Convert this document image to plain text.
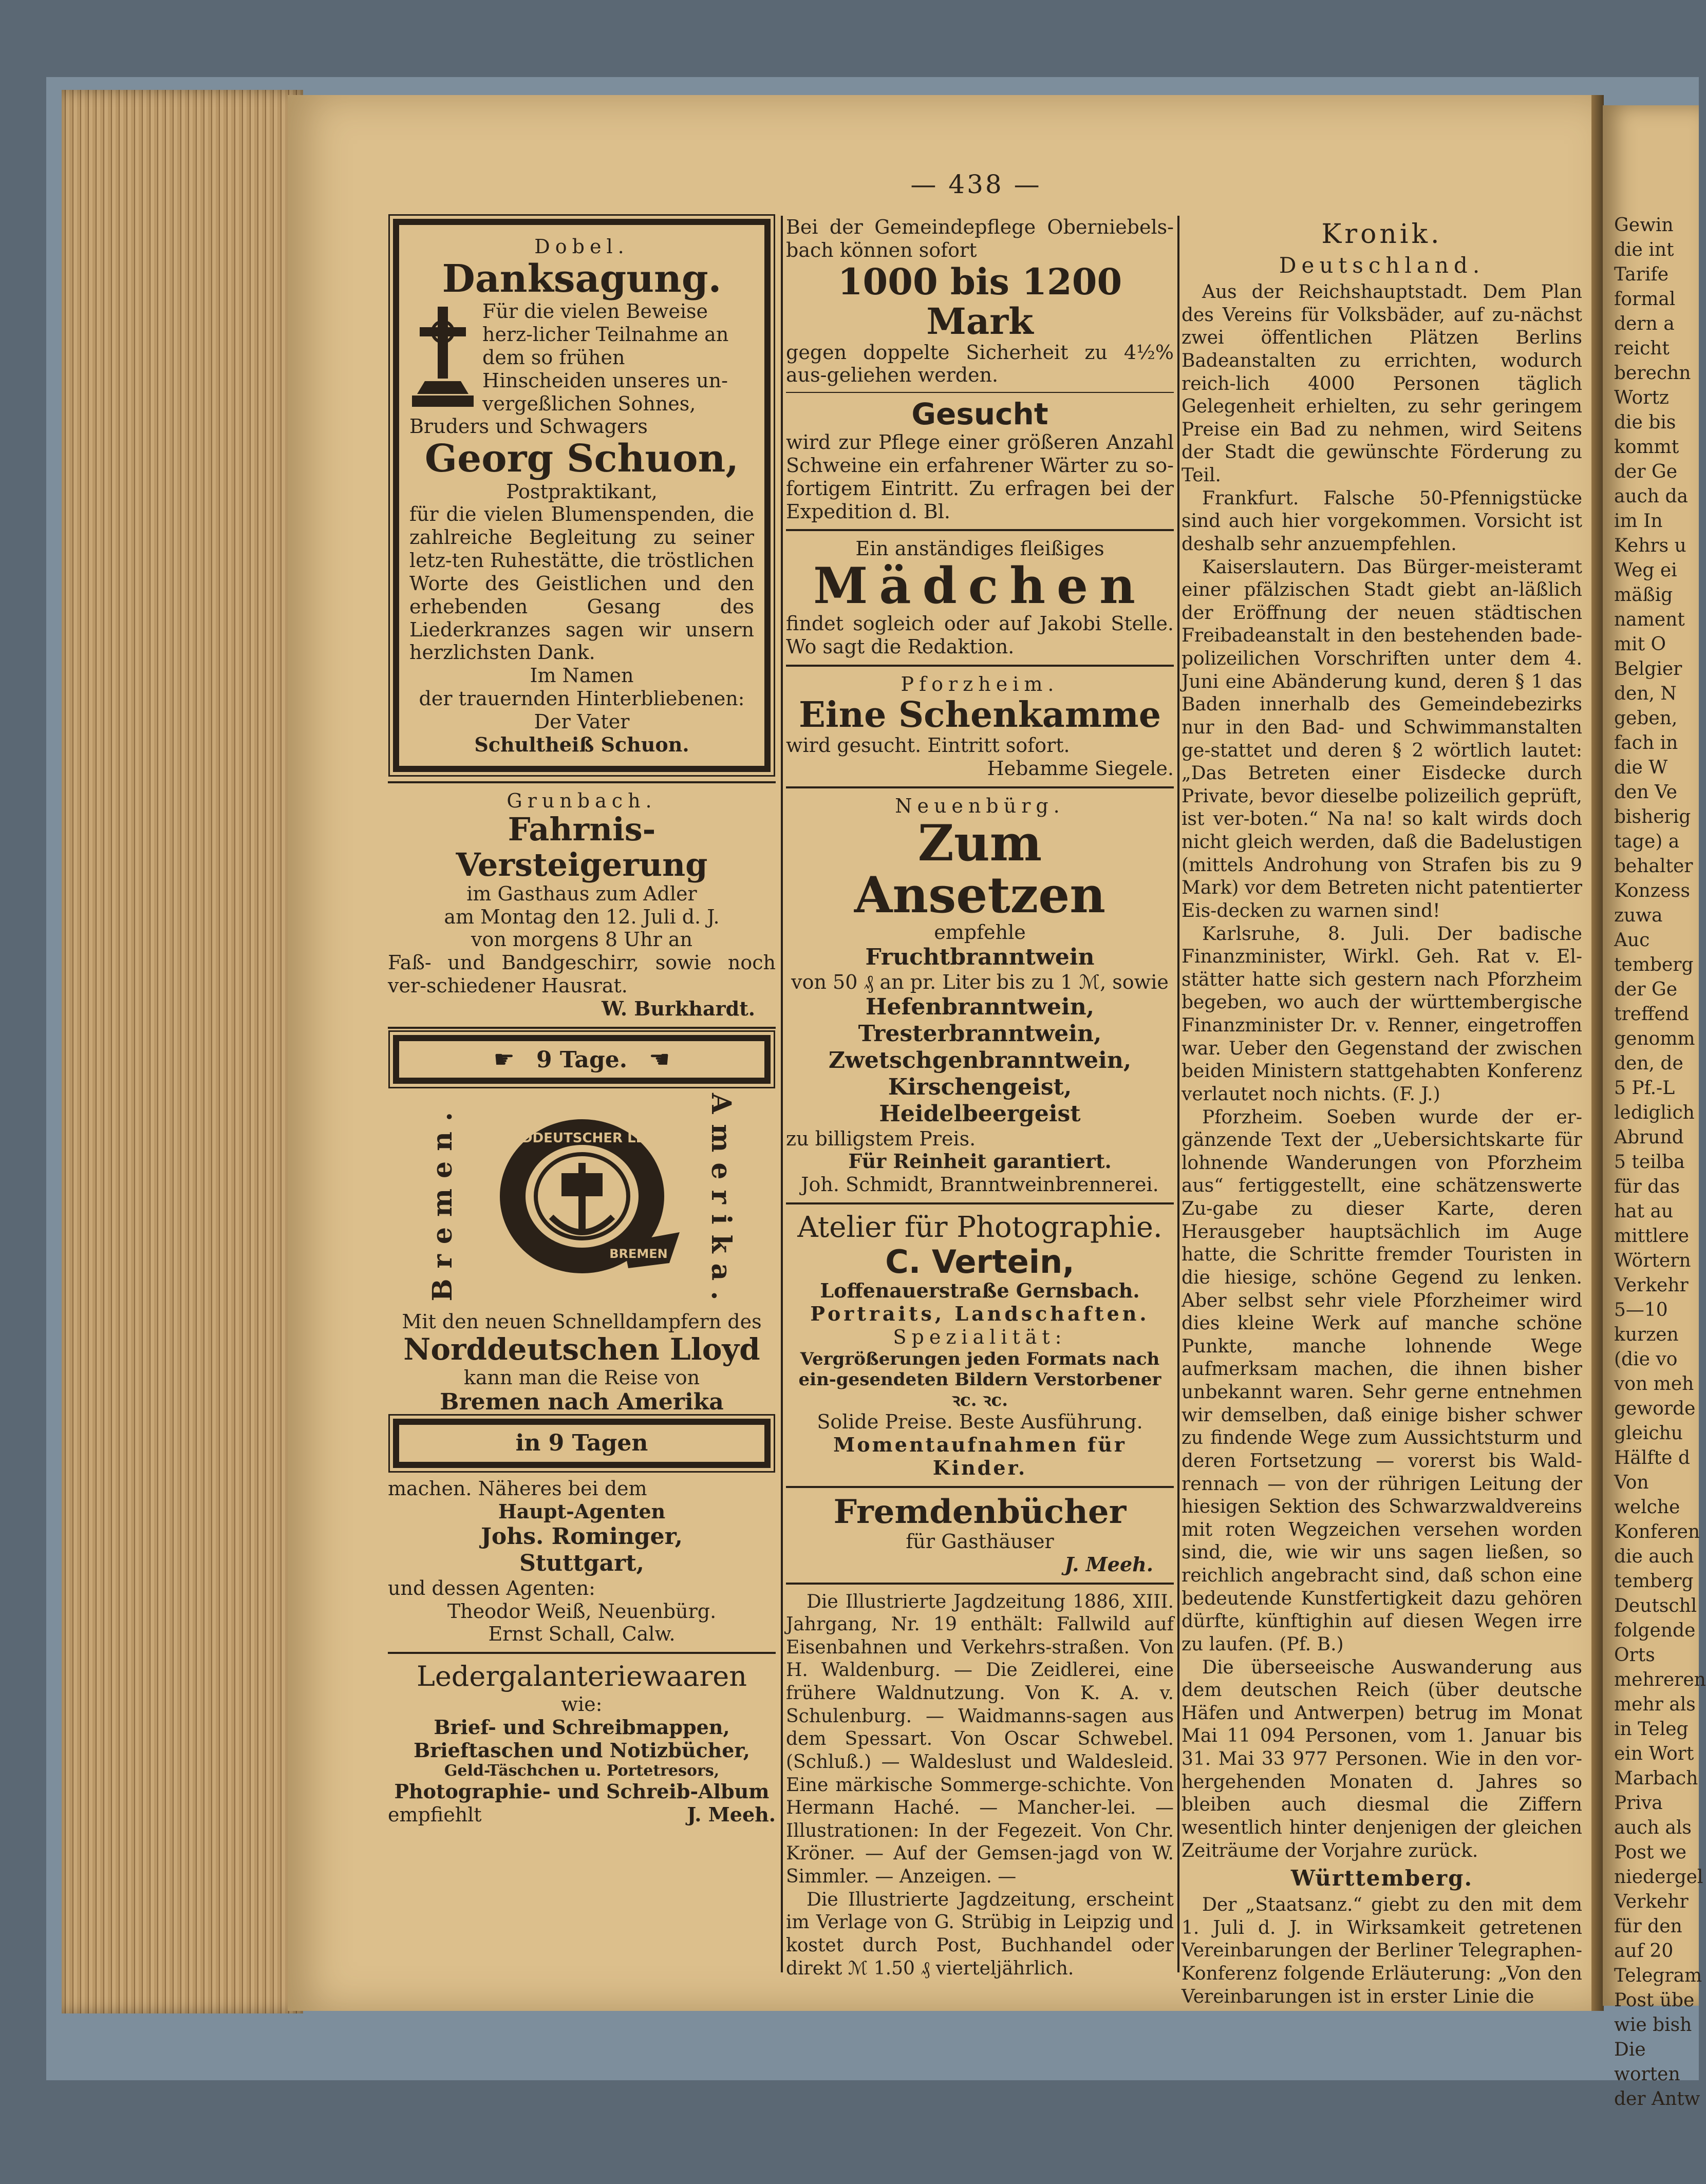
Gewin

die int

Tarife

formal

dern a

reicht

berechn

Wortz

die bis

kommt

der Ge

auch da

im In

Kehrs u

Weg ei

mäßig

nament

mit O

Belgier

den, N

geben,

fach in

die W

den Ve

bisherig

tage) a

behalter

Konzess

zuwa

Auc

temberg

der Ge

treffend

genomm

den, de

5 Pf.-L

lediglich

Abrund

5 teilba

für das

hat au

mittlere

Wörtern

Verkehr

5—10

kurzen

(die vo

von meh

geworde

gleichu

Hälfte d

Von

welche

Konferen

die auch

temberg

Deutschl

folgende

Orts

mehreren

mehr als

in Teleg

ein Wort

Marbach

Priva

auch als

Post we

niedergel

Verkehr

für den

auf 20

Telegram

Post übe

wie bish

Die

worten

der Antw

— 438 —
Dobel.
Danksagung.
Für die vielen Beweise herz-licher Teilnahme an dem so frühen Hinscheiden unseres un-vergeßlichen Sohnes, Bruders und Schwagers
Georg Schuon,
Postpraktikant,
für die vielen Blumenspenden, die zahlreiche Begleitung zu seiner letz-ten Ruhestätte, die tröstlichen Worte des Geistlichen und den erhebenden Gesang des Liederkranzes sagen wir unsern herzlichsten Dank.
Im Namen
der trauernden Hinterbliebenen:
Der Vater
Schultheiß Schuon.
Grunbach.
Fahrnis-Versteigerung
im Gasthaus zum Adler
am Montag den 12. Juli d. J.
von morgens 8 Uhr an
Faß- und Bandgeschirr, sowie noch ver-schiedener Hausrat.
W. Burkhardt.
☛ 9 Tage. ☛
Bremen. NORDDEUTSCHER LLOYD
BREMEN Amerika.
Mit den neuen Schnelldampfern des
Norddeutschen Lloyd
kann man die Reise von
Bremen nach Amerika
in 9 Tagen
machen. Näheres bei dem
Haupt-Agenten
Johs. Rominger,
Stuttgart,
und dessen Agenten:
Theodor Weiß, Neuenbürg.
Ernst Schall, Calw.
Ledergalanteriewaaren
wie:
Brief- und Schreibmappen,
Brieftaschen und Notizbücher,
Geld-Täschchen u. Portetresors,
Photographie- und Schreib-Album
empfiehlt	J. Meeh.
Bei der Gemeindepflege Oberniebels-bach können sofort
1000 bis 1200 Mark
gegen doppelte Sicherheit zu 4½% aus-geliehen werden.
Gesucht
wird zur Pflege einer größeren Anzahl Schweine ein erfahrener Wärter zu so-fortigem Eintritt. Zu erfragen bei der Expedition d. Bl.
Ein anständiges fleißiges
Mädchen
findet sogleich oder auf Jakobi Stelle. Wo sagt die Redaktion.
Pforzheim.
Eine Schenkamme
wird gesucht. Eintritt sofort.
Hebamme Siegele.
Neuenbürg.
Zum Ansetzen
empfehle
Fruchtbranntwein
von 50 ₰ an pr. Liter bis zu 1 ℳ, sowie
Hefenbranntwein,
Tresterbranntwein,
Zwetschgenbranntwein,
Kirschengeist,
Heidelbeergeist
zu billigstem Preis.
Für Reinheit garantiert.
Joh. Schmidt, Branntweinbrennerei.
Atelier für Photographie.
C. Vertein,
Loffenauerstraße Gernsbach.
Portraits, Landschaften.
Spezialität:
Vergrößerungen jeden Formats nach ein-gesendeten Bildern Verstorbener ꝛc. ꝛc.
Solide Preise. Beste Ausführung.
Momentaufnahmen für Kinder.
Fremdenbücher
für Gasthäuser
J. Meeh.

Die Illustrierte Jagdzeitung 1886, XIII. Jahrgang, Nr. 19 enthält: Fallwild auf Eisenbahnen und Verkehrs-straßen. Von H. Waldenburg. — Die Zeidlerei, eine frühere Waldnutzung. Von K. A. v. Schulenburg. — Waidmanns-sagen aus dem Spessart. Von Oscar Schwebel. (Schluß.) — Waldeslust und Waldesleid. Eine märkische Sommerge-schichte. Von Hermann Haché. — Mancher-lei. — Illustrationen: In der Fegezeit. Von Chr. Kröner. — Auf der Gemsen-jagd von W. Simmler. — Anzeigen. —

Die Illustrierte Jagdzeitung, erscheint im Verlage von G. Strübig in Leipzig und kostet durch Post, Buchhandel oder direkt ℳ 1.50 ₰ vierteljährlich.

Kronik.
Deutschland.

Aus der Reichshauptstadt. Dem Plan des Vereins für Volksbäder, auf zu-nächst zwei öffentlichen Plätzen Berlins Badeanstalten zu errichten, wodurch reich-lich 4000 Personen täglich Gelegenheit erhielten, zu sehr geringem Preise ein Bad zu nehmen, wird Seitens der Stadt die gewünschte Förderung zu Teil.

Frankfurt. Falsche 50-Pfennigstücke sind auch hier vorgekommen. Vorsicht ist deshalb sehr anzuempfehlen.

Kaiserslautern. Das Bürger-meisteramt einer pfälzischen Stadt giebt an-läßlich der Eröffnung der neuen städtischen Freibadeanstalt in den bestehenden bade-polizeilichen Vorschriften unter dem 4. Juni eine Abänderung kund, deren § 1 das Baden innerhalb des Gemeindebezirks nur in den Bad- und Schwimmanstalten ge-stattet und deren § 2 wörtlich lautet: „Das Betreten einer Eisdecke durch Private, bevor dieselbe polizeilich geprüft, ist ver-boten.“ Na na! so kalt wirds doch nicht gleich werden, daß die Badelustigen (mittels Androhung von Strafen bis zu 9 Mark) vor dem Betreten nicht patentierter Eis-decken zu warnen sind!

Karlsruhe, 8. Juli. Der badische Finanzminister, Wirkl. Geh. Rat v. El-stätter hatte sich gestern nach Pforzheim begeben, wo auch der württembergische Finanzminister Dr. v. Renner, eingetroffen war. Ueber den Gegenstand der zwischen beiden Ministern stattgehabten Konferenz verlautet noch nichts. (F. J.)

Pforzheim. Soeben wurde der er-gänzende Text der „Uebersichtskarte für lohnende Wanderungen von Pforzheim aus“ fertiggestellt, eine schätzenswerte Zu-gabe zu dieser Karte, deren Herausgeber hauptsächlich im Auge hatte, die Schritte fremder Touristen in die hiesige, schöne Gegend zu lenken. Aber selbst sehr viele Pforzheimer wird dies kleine Werk auf manche schöne Punkte, manche lohnende Wege aufmerksam machen, die ihnen bisher unbekannt waren. Sehr gerne entnehmen wir demselben, daß einige bisher schwer zu findende Wege zum Aussichtsturm und deren Fortsetzung — vorerst bis Wald-rennach — von der rührigen Leitung der hiesigen Sektion des Schwarzwaldvereins mit roten Wegzeichen versehen worden sind, die, wie wir uns sagen ließen, so reichlich angebracht sind, daß schon eine bedeutende Kunstfertigkeit dazu gehören dürfte, künftighin auf diesen Wegen irre zu laufen. (Pf. B.)

Die überseeische Auswanderung aus dem deutschen Reich (über deutsche Häfen und Antwerpen) betrug im Monat Mai 11 094 Personen, vom 1. Januar bis 31. Mai 33 977 Personen. Wie in den vor-hergehenden Monaten d. Jahres so bleiben auch diesmal die Ziffern wesentlich hinter denjenigen der gleichen Zeiträume der Vorjahre zurück.

Württemberg.

Der „Staatsanz.“ giebt zu den mit dem 1. Juli d. J. in Wirksamkeit getretenen Vereinbarungen der Berliner Telegraphen-Konferenz folgende Erläuterung: „Von den Vereinbarungen ist in erster Linie die
